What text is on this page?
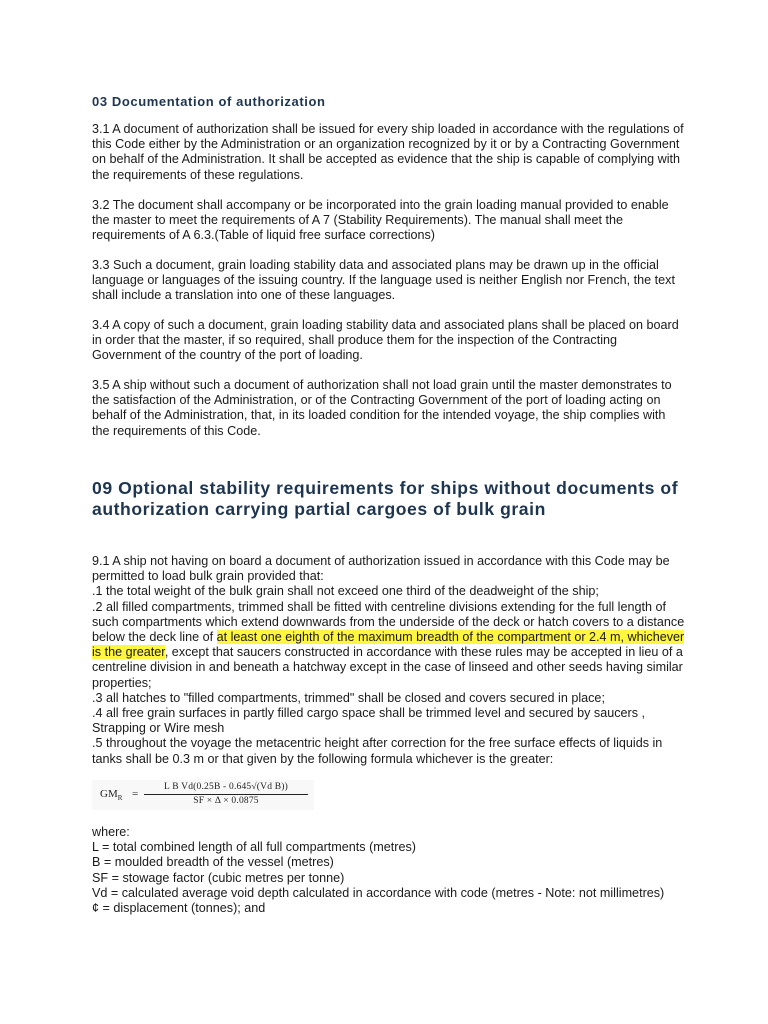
03 Documentation of authorization
3.1 A document of authorization shall be issued for every ship loaded in accordance with the regulations of this Code either by the Administration or an organization recognized by it or by a Contracting Government on behalf of the Administration. It shall be accepted as evidence that the ship is capable of complying with the requirements of these regulations.
3.2 The document shall accompany or be incorporated into the grain loading manual provided to enable the master to meet the requirements of A 7 (Stability Requirements). The manual shall meet the requirements of A 6.3.(Table of liquid free surface corrections)
3.3 Such a document, grain loading stability data and associated plans may be drawn up in the official language or languages of the issuing country. If the language used is neither English nor French, the text shall include a translation into one of these languages.
3.4 A copy of such a document, grain loading stability data and associated plans shall be placed on board in order that the master, if so required, shall produce them for the inspection of the Contracting Government of the country of the port of loading.
3.5 A ship without such a document of authorization shall not load grain until the master demonstrates to the satisfaction of the Administration, or of the Contracting Government of the port of loading acting on behalf of the Administration, that, in its loaded condition for the intended voyage, the ship complies with the requirements of this Code.
09 Optional stability requirements for ships without documents of authorization carrying partial cargoes of bulk grain
9.1 A ship not having on board a document of authorization issued in accordance with this Code may be permitted to load bulk grain provided that:
.1 the total weight of the bulk grain shall not exceed one third of the deadweight of the ship;
.2 all filled compartments, trimmed shall be fitted with centreline divisions extending for the full length of such compartments which extend downwards from the underside of the deck or hatch covers to a distance below the deck line of at least one eighth of the maximum breadth of the compartment or 2.4 m, whichever is the greater, except that saucers constructed in accordance with these rules may be accepted in lieu of a centreline division in and beneath a hatchway except in the case of linseed and other seeds having similar properties;
.3 all hatches to "filled compartments, trimmed" shall be closed and covers secured in place;
.4 all free grain surfaces in partly filled cargo space shall be trimmed level and secured by saucers , Strapping or Wire mesh
.5 throughout the voyage the metacentric height after correction for the free surface effects of liquids in tanks shall be 0.3 m or that given by the following formula whichever is the greater:
$GM_R$ =
L B Vd(0.25B - 0.645√(Vd B))
SF × Δ × 0.0875
where:
L = total combined length of all full compartments (metres)
B = moulded breadth of the vessel (metres)
SF = stowage factor (cubic metres per tonne)
Vd = calculated average void depth calculated in accordance with code (metres - Note: not millimetres)
¢ = displacement (tonnes); and
